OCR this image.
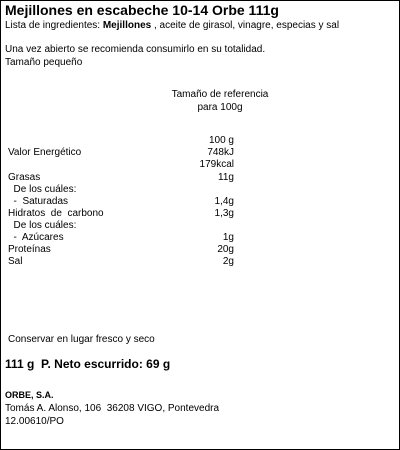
Mejillones en escabeche 10-14 Orbe 111g
Lista de ingredientes: Mejillones , aceite de girasol, vinagre, especias y sal
Una vez abierto se recomienda consumirlo en su totalidad.
Tamaño pequeño
Tamaño de referencia
para 100g
100 g
Valor Energético	748kJ
179kcal
Grasas	11g
De los cuáles:
-  Saturadas	1,4g
Hidratos  de  carbono	1,3g
De los cuáles:
-  Azúcares	1g
Proteínas	20g
Sal	2g
Conservar en lugar fresco y seco
111 g  P. Neto escurrido: 69 g
ORBE, S.A.
Tomás A. Alonso, 106  36208 VIGO, Pontevedra
12.00610/PO
